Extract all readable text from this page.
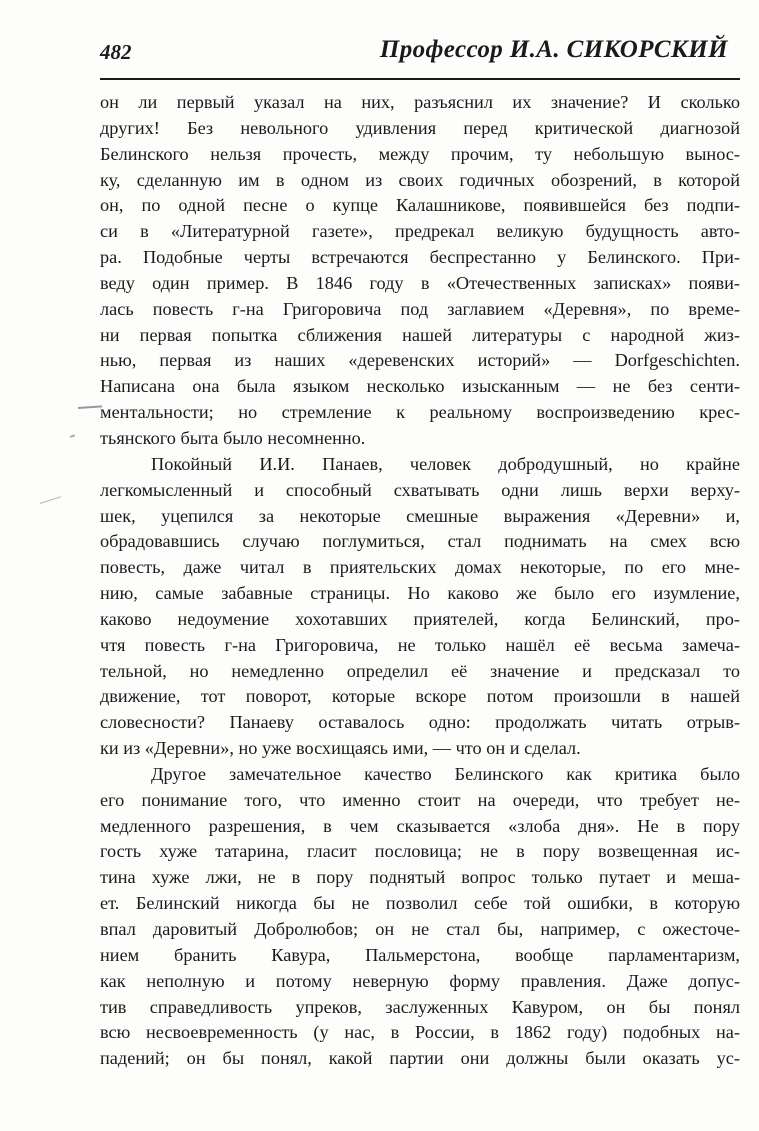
482	Профессор И.А. СИКОРСКИЙ
он ли первый указал на них, разъяснил их значение? И сколько
других! Без невольного удивления перед критической диагнозой
Белинского нельзя прочесть, между прочим, ту небольшую вынос-
ку, сделанную им в одном из своих годичных обозрений, в которой
он, по одной песне о купце Калашникове, появившейся без подпи-
си в «Литературной газете», предрекал великую будущность авто-
ра. Подобные черты встречаются беспрестанно у Белинского. При-
веду один пример. В 1846 году в «Отечественных записках» появи-
лась повесть г-на Григоровича под заглавием «Деревня», по време-
ни первая попытка сближения нашей литературы с народной жиз-
нью, первая из наших «деревенских историй» — Dorfgeschichten.
Написана она была языком несколько изысканным — не без сенти-
ментальности; но стремление к реальному воспроизведению крес-
тьянского быта было несомненно.
Покойный И.И. Панаев, человек добродушный, но крайне
легкомысленный и способный схватывать одни лишь верхи верху-
шек, уцепился за некоторые смешные выражения «Деревни» и,
обрадовавшись случаю поглумиться, стал поднимать на смех всю
повесть, даже читал в приятельских домах некоторые, по его мне-
нию, самые забавные страницы. Но каково же было его изумление,
каково недоумение хохотавших приятелей, когда Белинский, про-
чтя повесть г-на Григоровича, не только нашёл её весьма замеча-
тельной, но немедленно определил её значение и предсказал то
движение, тот поворот, которые вскоре потом произошли в нашей
словесности? Панаеву оставалось одно: продолжать читать отрыв-
ки из «Деревни», но уже восхищаясь ими, — что он и сделал.
Другое замечательное качество Белинского как критика было
его понимание того, что именно стоит на очереди, что требует не-
медленного разрешения, в чем сказывается «злоба дня». Не в пору
гость хуже татарина, гласит пословица; не в пору возвещенная ис-
тина хуже лжи, не в пору поднятый вопрос только путает и меша-
ет. Белинский никогда бы не позволил себе той ошибки, в которую
впал даровитый Добролюбов; он не стал бы, например, с ожесточе-
нием бранить Кавура, Пальмерстона, вообще парламентаризм,
как неполную и потому неверную форму правления. Даже допус-
тив справедливость упреков, заслуженных Кавуром, он бы понял
всю несвоевременность (у нас, в России, в 1862 году) подобных на-
падений; он бы понял, какой партии они должны были оказать ус-
